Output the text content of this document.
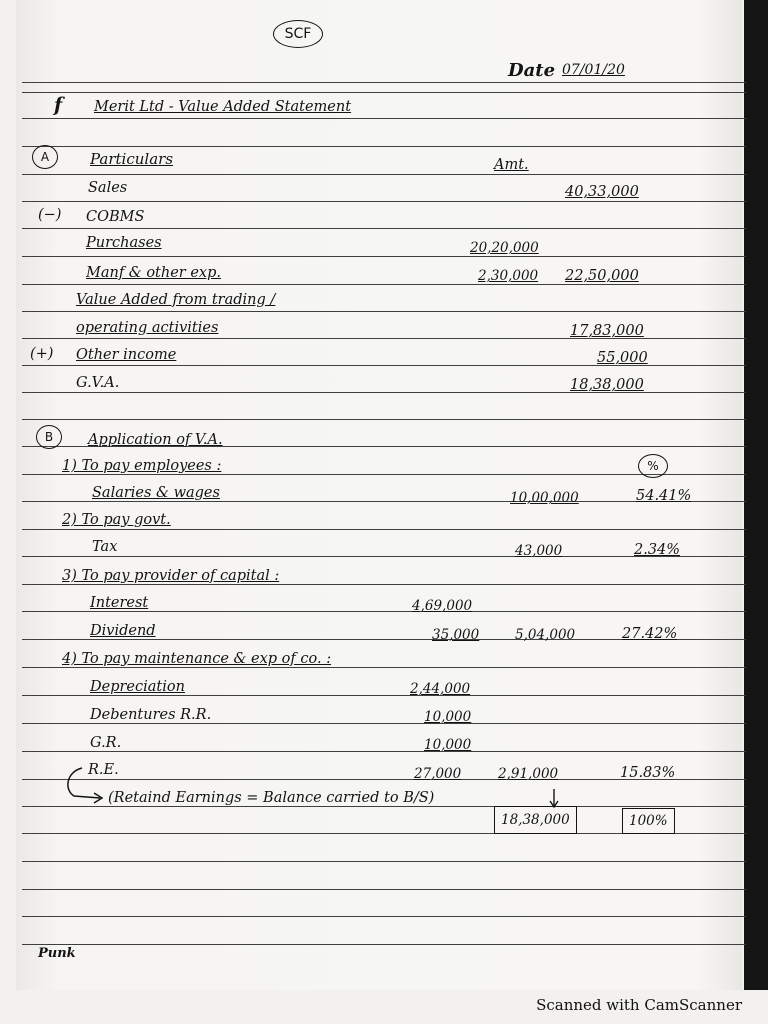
SCF
Date 07/01/20
f Merit Ltd - Value Added Statement
A	Particulars	Amt.
Sales	40,33,000
(−) COBMS
Purchases	20,20,000
Manf & other exp.	2,30,000 22,50,000
Value Added from trading /
operating activities	17,83,000
(+) Other income	55,000
G.V.A.	18,38,000
B	Application of V.A.
%
1) To pay employees :
Salaries & wages	10,00,000	54.41%
2) To pay govt.
Tax	43,000	2.34%
3) To pay provider of capital :
Interest	4,69,000
Dividend	35,000	5,04,000	27.42%
4) To pay maintenance & exp of co. :
Depreciation	2,44,000
Debentures R.R.	10,000
G.R.	10,000
R.E.	27,000	2,91,000	15.83%
(Retaind Earnings = Balance carried to B/S)
18,38,000	100%
Punk
Scanned with CamScanner
